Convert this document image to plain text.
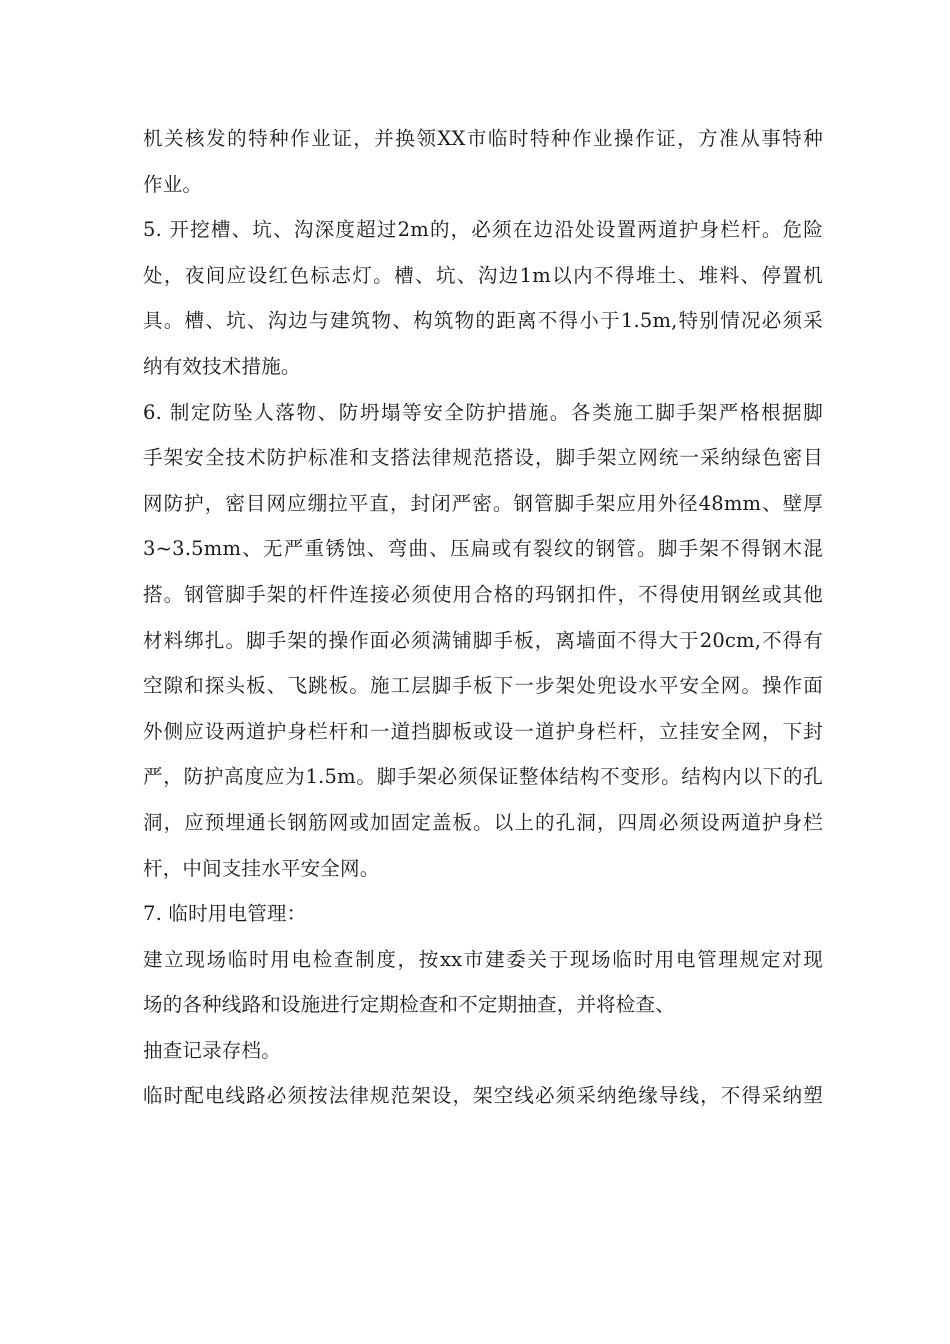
机关核发的特种作业证，并换领XX市临时特种作业操作证，方准从事特种
作业。
5. 开挖槽、坑、沟深度超过2m的，必须在边沿处设置两道护身栏杆。危险
处，夜间应设红色标志灯。槽、坑、沟边1m以内不得堆土、堆料、停置机
具。槽、坑、沟边与建筑物、构筑物的距离不得小于1.5m,特别情况必须采
纳有效技术措施。
6. 制定防坠人落物、防坍塌等安全防护措施。各类施工脚手架严格根据脚
手架安全技术防护标准和支搭法律规范搭设，脚手架立网统一采纳绿色密目
网防护，密目网应绷拉平直，封闭严密。钢管脚手架应用外径48mm、壁厚
3~3.5mm、无严重锈蚀、弯曲、压扁或有裂纹的钢管。脚手架不得钢木混
搭。钢管脚手架的杆件连接必须使用合格的玛钢扣件，不得使用钢丝或其他
材料绑扎。脚手架的操作面必须满铺脚手板，离墙面不得大于20cm,不得有
空隙和探头板、飞跳板。施工层脚手板下一步架处兜设水平安全网。操作面
外侧应设两道护身栏杆和一道挡脚板或设一道护身栏杆，立挂安全网，下封
严，防护高度应为1.5m。脚手架必须保证整体结构不变形。结构内以下的孔
洞，应预埋通长钢筋网或加固定盖板。以上的孔洞，四周必须设两道护身栏
杆，中间支挂水平安全网。
7. 临时用电管理：
建立现场临时用电检查制度，按xx市建委关于现场临时用电管理规定对现
场的各种线路和设施进行定期检查和不定期抽查，并将检查、
抽查记录存档。
临时配电线路必须按法律规范架设，架空线必须采纳绝缘导线，不得采纳塑
